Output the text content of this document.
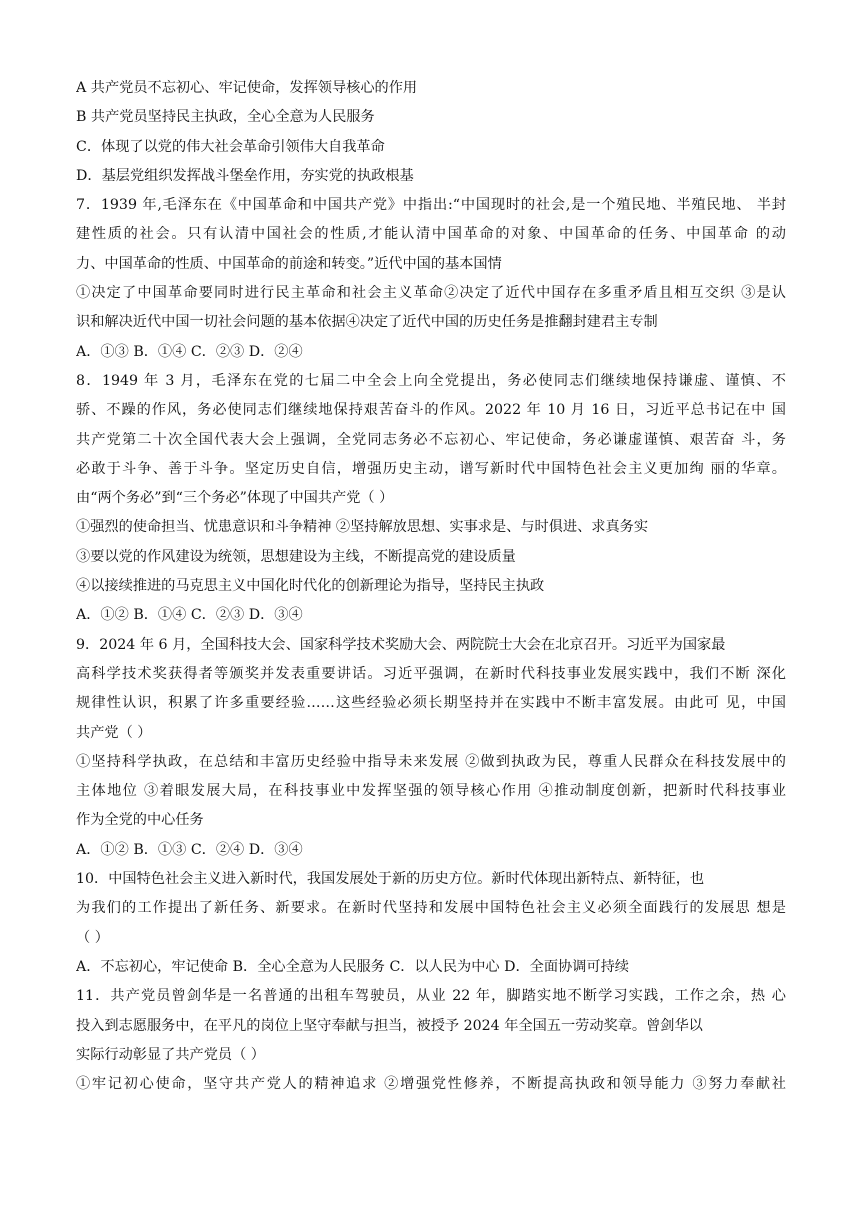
A 共产党员不忘初心、牢记使命，发挥领导核心的作用
B 共产党员坚持民主执政，全心全意为人民服务
C．体现了以党的伟大社会革命引领伟大自我革命
D．基层党组织发挥战斗堡垒作用，夯实党的执政根基
7．1939 年,毛泽东在《中国革命和中国共产党》中指出:“中国现时的社会,是一个殖民地、半殖民地、 半封
建性质的社会。只有认清中国社会的性质,才能认清中国革命的对象、中国革命的任务、中国革命 的动
力、中国革命的性质、中国革命的前途和转变。”近代中国的基本国情
①决定了中国革命要同时进行民主革命和社会主义革命②决定了近代中国存在多重矛盾且相互交织 ③是认
识和解决近代中国一切社会问题的基本依据④决定了近代中国的历史任务是推翻封建君主专制
A．①③ B．①④ C．②③ D．②④
8．1949 年 3 月，毛泽东在党的七届二中全会上向全党提出，务必使同志们继续地保持谦虚、谨慎、不
骄、不躁的作风，务必使同志们继续地保持艰苦奋斗的作风。2022 年 10 月 16 日，习近平总书记在中 国
共产党第二十次全国代表大会上强调，全党同志务必不忘初心、牢记使命，务必谦虚谨慎、艰苦奋 斗，务
必敢于斗争、善于斗争。坚定历史自信，增强历史主动，谱写新时代中国特色社会主义更加绚 丽的华章。
由“两个务必”到“三个务必”体现了中国共产党（ ）
①强烈的使命担当、忧患意识和斗争精神 ②坚持解放思想、实事求是、与时俱进、求真务实
③要以党的作风建设为统领，思想建设为主线，不断提高党的建设质量
④以接续推进的马克思主义中国化时代化的创新理论为指导，坚持民主执政
A．①② B．①④ C．②③ D．③④
9．2024 年 6 月，全国科技大会、国家科学技术奖励大会、两院院士大会在北京召开。习近平为国家最
高科学技术奖获得者等颁奖并发表重要讲话。习近平强调，在新时代科技事业发展实践中，我们不断 深化
规律性认识，积累了许多重要经验……这些经验必须长期坚持并在实践中不断丰富发展。由此可 见，中国
共产党（ ）
①坚持科学执政，在总结和丰富历史经验中指导未来发展 ②做到执政为民，尊重人民群众在科技发展中的
主体地位 ③着眼发展大局，在科技事业中发挥坚强的领导核心作用 ④推动制度创新，把新时代科技事业
作为全党的中心任务
A．①② B．①③ C．②④ D．③④
10．中国特色社会主义进入新时代，我国发展处于新的历史方位。新时代体现出新特点、新特征，也
为我们的工作提出了新任务、新要求。在新时代坚持和发展中国特色社会主义必须全面践行的发展思 想是
（ ）
A．不忘初心，牢记使命 B．全心全意为人民服务 C．以人民为中心 D．全面协调可持续
11．共产党员曾剑华是一名普通的出租车驾驶员，从业 22 年，脚踏实地不断学习实践，工作之余，热 心
投入到志愿服务中，在平凡的岗位上坚守奉献与担当，被授予 2024 年全国五一劳动奖章。曾剑华以
实际行动彰显了共产党员（ ）
①牢记初心使命，坚守共产党人的精神追求 ②增强党性修养，不断提高执政和领导能力 ③努力奉献社
